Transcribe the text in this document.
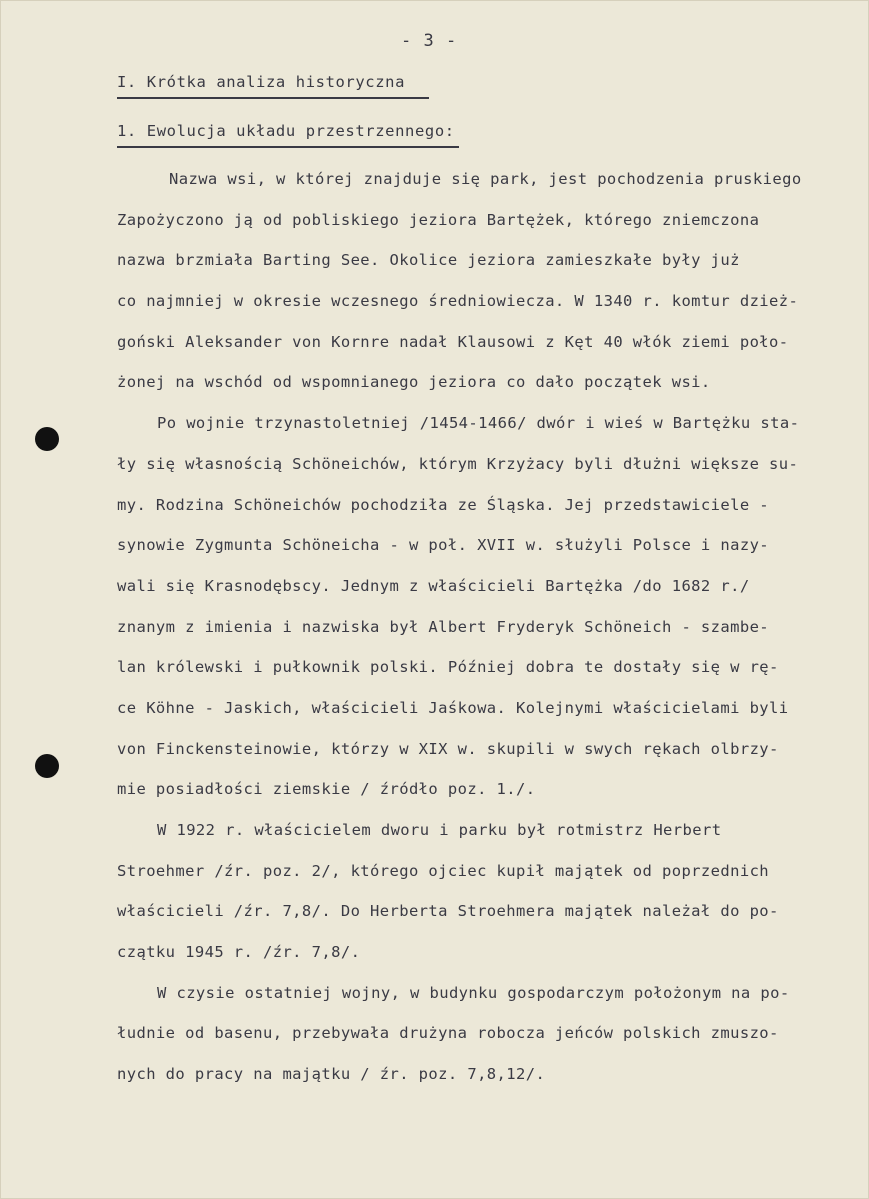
- 3 -
I. Krótka analiza historyczna
1. Ewolucja układu przestrzennego:
Nazwa wsi, w której znajduje się park, jest pochodzenia pruskiego
Zapożyczono ją od pobliskiego jeziora Bartężek, którego zniemczona
nazwa brzmiała Barting See. Okolice jeziora zamieszkałe były już
co najmniej w okresie wczesnego średniowiecza. W 1340 r. komtur dzież-
goński Aleksander von Kornre nadał Klausowi z Kęt 40 włók ziemi poło-
żonej na wschód od wspomnianego jeziora co dało początek wsi.
Po wojnie trzynastoletniej /1454-1466/ dwór i wieś w Bartężku sta-
ły się własnością Schöneichów, którym Krzyżacy byli dłużni większe su-
my. Rodzina Schöneichów pochodziła ze Śląska. Jej przedstawiciele -
synowie Zygmunta Schöneicha - w poł. XVII w. służyli Polsce i nazy-
wali się Krasnodębscy. Jednym z właścicieli Bartężka /do 1682 r./
znanym z imienia i nazwiska był Albert Fryderyk Schöneich - szambe-
lan królewski i pułkownik polski. Później dobra te dostały się w rę-
ce Köhne - Jaskich, właścicieli Jaśkowa. Kolejnymi właścicielami byli
von Finckensteinowie, którzy w XIX w. skupili w swych rękach olbrzy-
mie posiadłości ziemskie / źródło poz. 1./.
W 1922 r. właścicielem dworu i parku był rotmistrz Herbert
Stroehmer /źr. poz. 2/, którego ojciec kupił majątek od poprzednich
właścicieli /źr. 7,8/. Do Herberta Stroehmera majątek należał do po-
czątku 1945 r. /źr. 7,8/.
W czysie ostatniej wojny, w budynku gospodarczym położonym na po-
łudnie od basenu, przebywała drużyna robocza jeńców polskich zmuszo-
nych do pracy na majątku / źr. poz. 7,8,12/.
